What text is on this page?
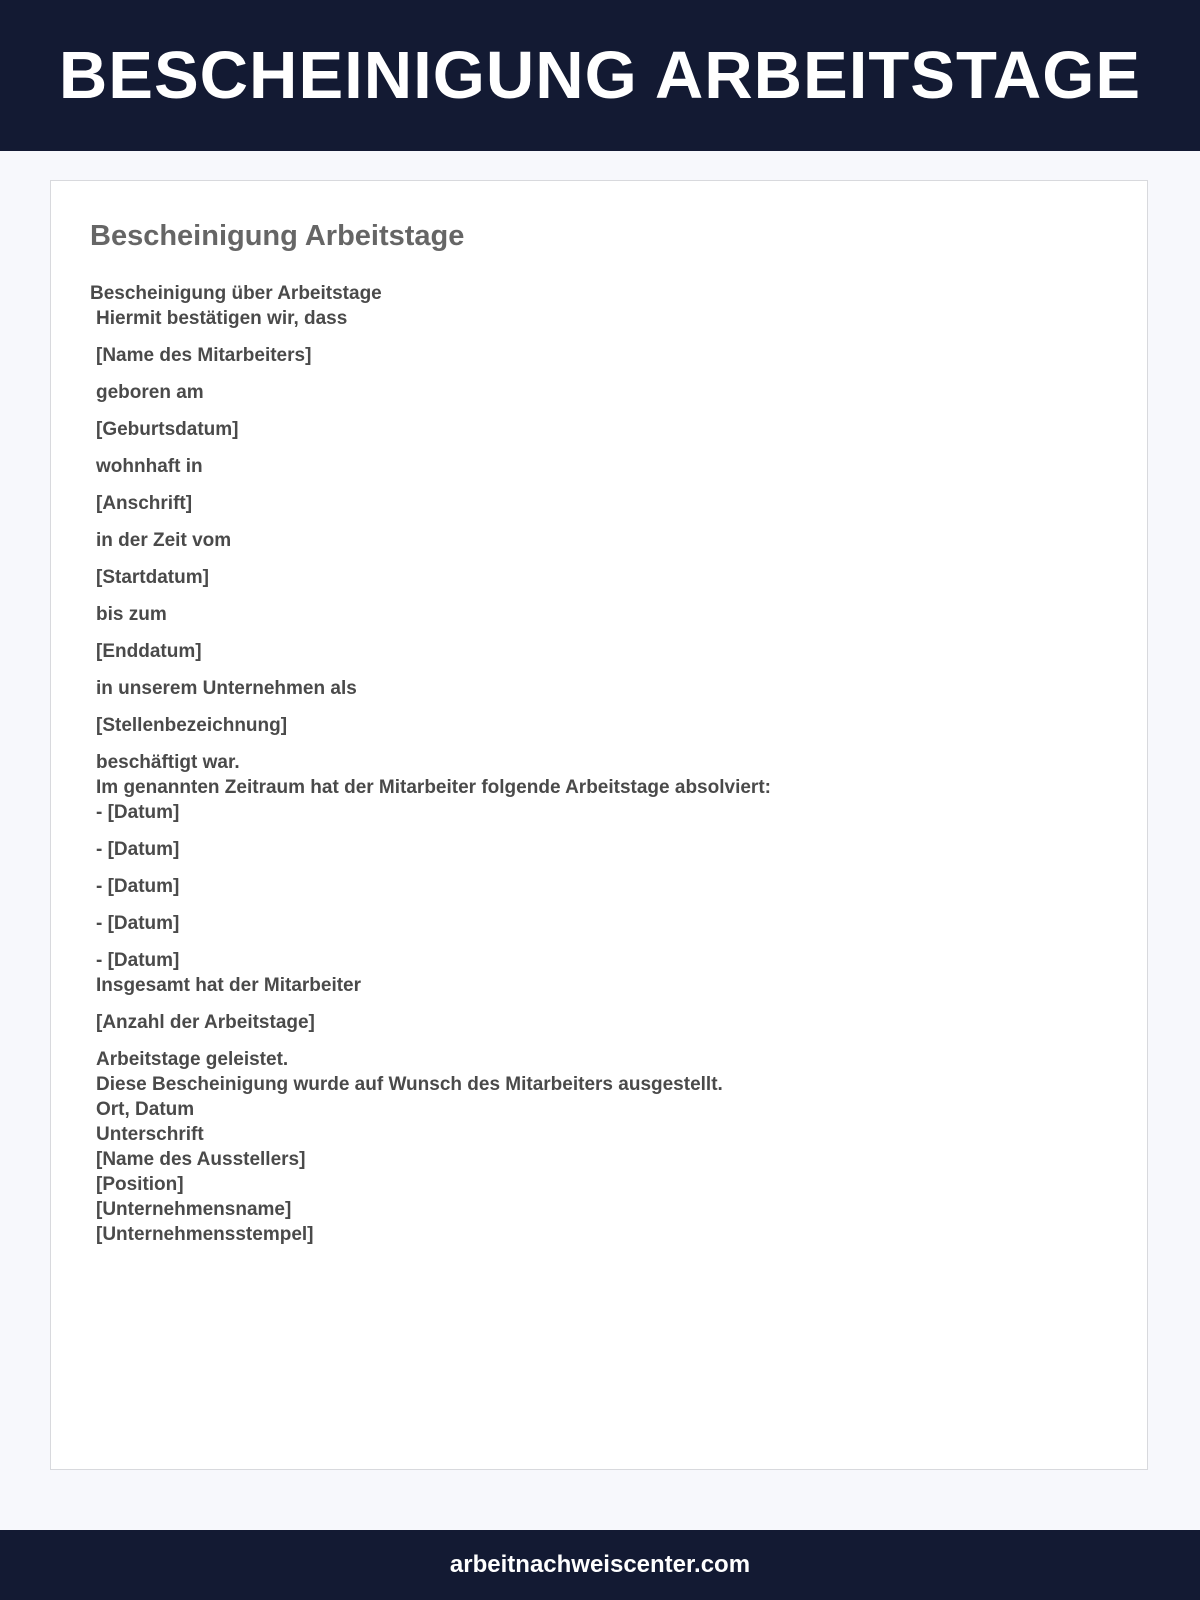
BESCHEINIGUNG ARBEITSTAGE
Bescheinigung Arbeitstage

Bescheinigung über Arbeitstage

Hiermit bestätigen wir, dass

[Name des Mitarbeiters]

geboren am

[Geburtsdatum]

wohnhaft in

[Anschrift]

in der Zeit vom

[Startdatum]

bis zum

[Enddatum]

in unserem Unternehmen als

[Stellenbezeichnung]

beschäftigt war.

Im genannten Zeitraum hat der Mitarbeiter folgende Arbeitstage absolviert:

- [Datum]

- [Datum]

- [Datum]

- [Datum]

- [Datum]

Insgesamt hat der Mitarbeiter

[Anzahl der Arbeitstage]

Arbeitstage geleistet.

Diese Bescheinigung wurde auf Wunsch des Mitarbeiters ausgestellt.

Ort, Datum

Unterschrift

[Name des Ausstellers]

[Position]

[Unternehmensname]

[Unternehmensstempel]

arbeitnachweiscenter.com
